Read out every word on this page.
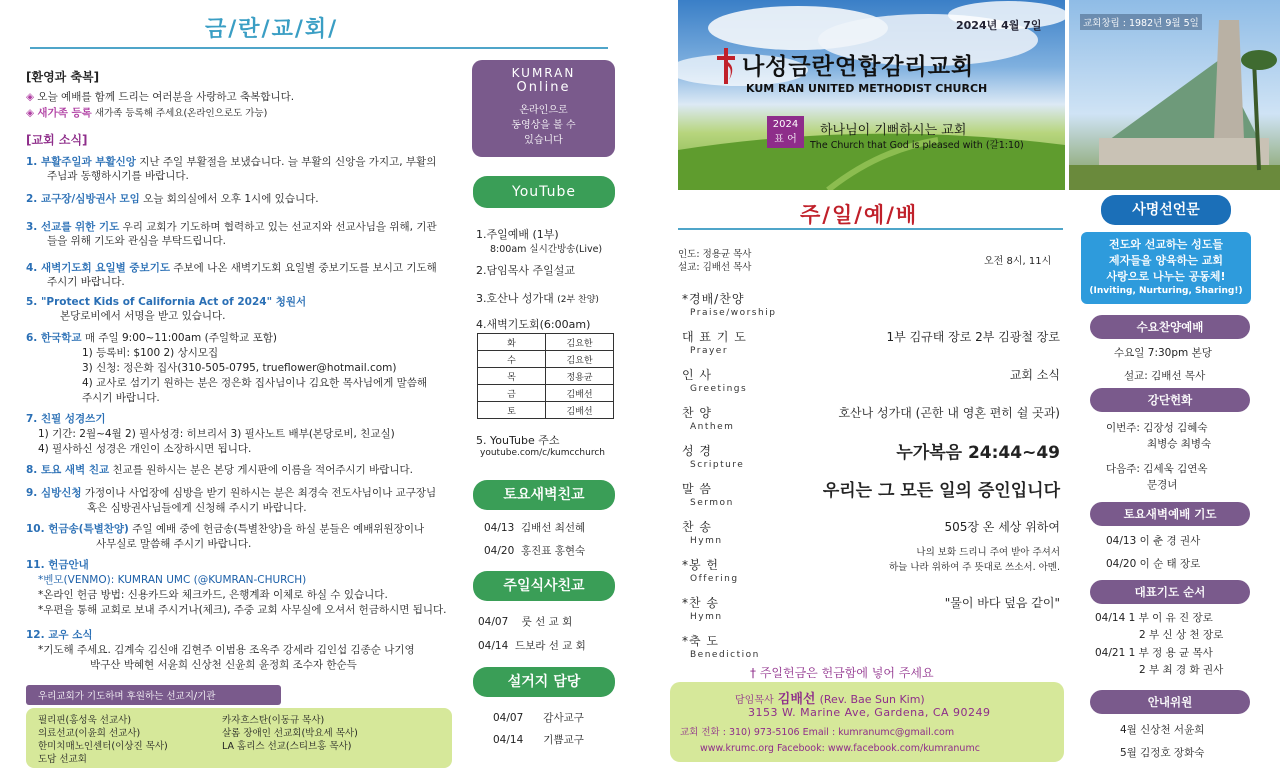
금/란/교/회/
[환영과 축복]
◈ 오늘 예배를 함께 드리는 여러분을 사랑하고 축복합니다.
◈ 새가족 등록 새가족 등록해 주세요(온라인으로도 가능)
[교회 소식]
1. 부활주일과 부활신앙 지난 주일 부활절을 보냈습니다. 늘 부활의 신앙을 가지고, 부활의
주님과 동행하시기를 바랍니다.
2. 교구장/심방권사 모임 오늘 회의실에서 오후 1시에 있습니다.
3. 선교를 위한 기도 우리 교회가 기도하며 협력하고 있는 선교지와 선교사님을 위해, 기관
들을 위해 기도와 관심을 부탁드립니다.
4. 새벽기도회 요일별 중보기도 주보에 나온 새벽기도회 요일별 중보기도를 보시고 기도해
주시기 바랍니다.
5. "Protect Kids of California Act of 2024" 청원서
본당로비에서 서명을 받고 있습니다.
6. 한국학교 매 주일 9:00~11:00am (주일학교 포함)
1) 등록비: $100 2) 상시모집
3) 신청: 정은화 집사(310-505-0795, trueflower@hotmail.com)
4) 교사로 섬기기 원하는 분은 정은화 집사님이나 김요한 목사님에게 말씀해
주시기 바랍니다.
7. 친필 성경쓰기
1) 기간: 2월~4월 2) 필사성경: 히브리서 3) 필사노트 배부(본당로비, 친교실)
4) 필사하신 성경은 개인이 소장하시면 됩니다.
8. 토요 새벽 친교 친교를 원하시는 분은 본당 게시판에 이름을 적어주시기 바랍니다.
9. 심방신청 가정이나 사업장에 심방을 받기 원하시는 분은 최경숙 전도사님이나 교구장님
혹은 심방권사님들에게 신청해 주시기 바랍니다.
10. 헌금송(특별찬양) 주일 예배 중에 헌금송(특별찬양)을 하실 분들은 예배위원장이나
사무실로 말씀해 주시기 바랍니다.
11. 헌금안내
*벤모(VENMO): KUMRAN UMC (@KUMRAN-CHURCH)
*온라인 헌금 방법: 신용카드와 체크카드, 은행계좌 이체로 하실 수 있습니다.
*우편을 통해 교회로 보내 주시거나(체크), 주중 교회 사무실에 오셔서 헌금하시면 됩니다.
12. 교우 소식
*기도해 주세요. 김계숙 김신애 김현주 이범용 조옥주 강세라 김인섭 김종순 나기영
박구산 박혜현 서윤희 신상천 신윤희 윤정희 조수자 한순득
우리교회가 기도하며 후원하는 선교지/기관
필리핀(홍성욱 선교사)	카자흐스탄(이동규 목사)
의료선교(이윤희 선교사)	살롬 장애인 선교회(박요세 목사)
한미치매노인센터(이상진 목사)	LA 홈리스 선교(스티브홍 목사)
도담 선교회
KUMRAN
Online
온라인으로
동영상을 볼 수
있습니다
YouTube
1.주일예배 (1부)
8:00am 실시간방송(Live)
2.담임목사 주일설교
3.호산나 성가대 (2부 찬양)
4.새벽기도회(6:00am)
화	김요한
수	김요한
목	정용균
금	김배선
토	김배선
5. YouTube 주소
youtube.com/c/kumcchurch
토요새벽친교
04/13 김배선 최선혜
04/20 홍진표 홍현숙
주일식사친교
04/07 룻 선 교 회
04/14 드보라 선 교 회
설거지 담당
04/07 감사교구
04/14 기쁨교구
2024년 4월 7일
나성금란연합감리교회
KUM RAN UNITED METHODIST CHURCH
2024
표 어
하나님이 기뻐하시는 교회
The Church that God is pleased with (갈1:10)
교회창립 : 1982년 9월 5일
주/일/예/배
인도: 정용균 목사
설교: 김배선 목사
오전 8시, 11시
*경배/찬양
Praise/worship
대 표 기 도
Prayer
1부 김규태 장로 2부 김광철 장로
인 사
Greetings
교회 소식
찬 양
Anthem
호산나 성가대 (곤한 내 영혼 편히 쉴 곳과)
성 경
Scripture
누가복음 24:44~49
말 씀
Sermon
우리는 그 모든 일의 증인입니다
찬 송
Hymn
505장 온 세상 위하여
*봉 헌
Offering
나의 보화 드리니 주여 받아 주셔서
하늘 나라 위하여 주 뜻대로 쓰소서. 아멘.
*찬 송
Hymn
"물이 바다 덮음 같이"
*축 도
Benediction
† 주일헌금은 헌금함에 넣어 주세요
담임목사 김배선 (Rev. Bae Sun Kim)
3153 W. Marine Ave, Gardena, CA 90249
교회 전화 : 310) 973-5106 Email : kumranumc@gmail.com
www.krumc.org Facebook: www.facebook.com/kumranumc
사명선언문
전도와 선교하는 성도들
제자들을 양육하는 교회
사랑으로 나누는 공동체!
(Inviting, Nurturing, Sharing!)
수요찬양예배
수요일 7:30pm 본당
설교: 김배선 목사
강단헌화
이번주: 김장성 김혜숙
최병승 최병숙
다음주: 김세욱 김연옥
문경녀
토요새벽예배 기도
04/13 이 춘 경 권사
04/20 이 순 태 장로
대표기도 순서
04/14 1 부 이 유 진 장로
2 부 신 상 천 장로
04/21 1 부 정 용 균 목사
2 부 최 경 화 권사
안내위원
4월 신상천 서윤희
5월 김정호 장화숙
